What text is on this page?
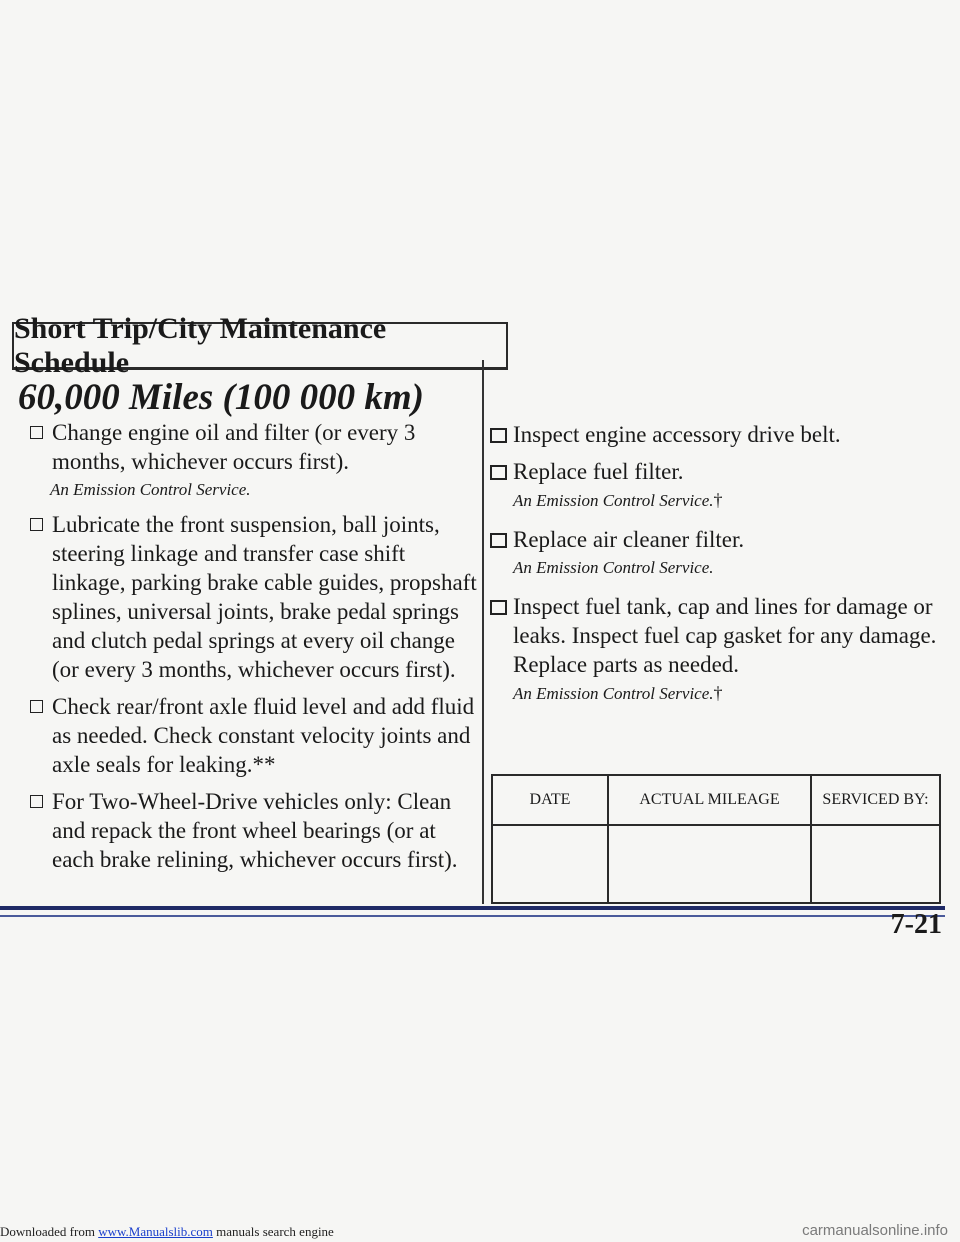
Short Trip/City Maintenance Schedule
60,000 Miles (100 000 km)
Change engine oil and filter (or every 3 months, whichever occurs first).
An Emission Control Service.
Lubricate the front suspension, ball joints, steering linkage and transfer case shift linkage, parking brake cable guides, propshaft splines, universal joints, brake pedal springs and clutch pedal springs at every oil change (or every 3 months, whichever occurs first).
Check rear/front axle fluid level and add fluid as needed. Check constant velocity joints and axle seals for leaking.**
For Two-Wheel-Drive vehicles only: Clean and repack the front wheel bearings (or at each brake relining, whichever occurs first).
Inspect engine accessory drive belt.
Replace fuel filter.
An Emission Control Service.†
Replace air cleaner filter.
An Emission Control Service.
Inspect fuel tank, cap and lines for damage or leaks. Inspect fuel cap gasket for any damage. Replace parts as needed.
An Emission Control Service.†
DATE	ACTUAL MILEAGE	SERVICED BY:
7-21
Downloaded from www.Manualslib.com manuals search engine	carmanualsonline.info
